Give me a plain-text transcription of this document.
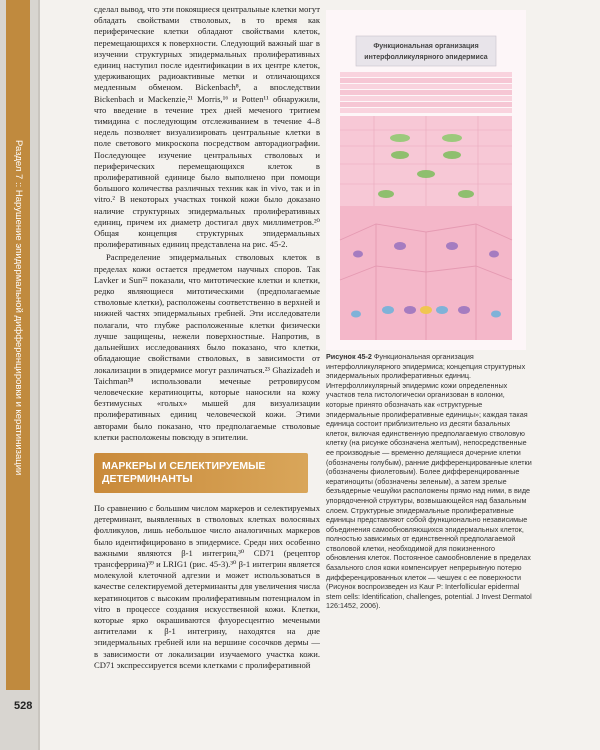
Раздел 7 :: Нарушение эпидермальной дифференцировки и кератинизации
528

сделал вывод, что эти покоящиеся центральные клетки могут обладать свойствами стволовых, в то время как периферические клетки обладают свойствами клеток, перемещающихся к поверхности. Следующий важный шаг в изучении структурных эпидермальных пролиферативных единиц наступил после идентификации в их центре клеток, удерживающих радиоактивные метки и отличающихся медленным обменом. Bickenbach⁸, а впоследствии Bickenbach и Mackenzie,²¹ Morris,¹⁶ и Potten¹¹ обнаружили, что введение в течение трех дней меченого тритием тимидина с последующим отслеживанием в течение 4–8 недель позволяет визуализировать центральные клетки в поле светового микроскопа посредством авторадиографии. Последующее изучение центральных стволовых и периферических перемещающихся клеток в пролиферативной единице было выполнено при помощи большого количества различных техник как in vivo, так и in vitro.² В некоторых участках тонкой кожи было доказано наличие структурных эпидермальных пролиферативных единиц, причем их диаметр достигал двух миллиметров.²⁰ Общая концепция структурных эпидермальных пролиферативных единиц представлена на рис. 45-2.

Распределение эпидермальных стволовых клеток в пределах кожи остается предметом научных споров. Так Lavker и Sun²² показали, что митотические клетки и клетки, редко являющиеся митотическими (предполагаемые стволовые клетки), расположены соответственно в верхней и нижней частях эпидермальных гребней. Эти исследователи полагали, что глубже расположенные клетки физически лучше защищены, нежели поверхностные. Напротив, в дальнейших исследованиях было показано, что клетки, обладающие свойствами стволовых, в зависимости от локализации в эпидермисе могут различаться.²³ Ghazizadeh и Taichman²⁸ использовали меченые ретровирусом человеческие кератиноциты, которые наносили на кожу безтимусных «голых» мышей для визуализации пролиферативных единиц человеческой кожи. Этими авторами было показано, что предполагаемые стволовые клетки расположены повсюду в эпителии.

МАРКЕРЫ И СЕЛЕКТИРУЕМЫЕ ДЕТЕРМИНАНТЫ

По сравнению с большим числом маркеров и селектируемых детерминант, выявленных в стволовых клетках волосяных фолликулов, лишь небольшое число аналогичных маркеров было идентифицировано в эпидермисе. Средн них особенно важными являются β-1 интегрин,³⁰ CD71 (рецептор трансферрина)³⁹ и LRIG1 (рис. 45-3).³⁰ β-1 интегрин является молекулой клеточной адгезии и может использоваться в качестве селектируемой детерминанты для увеличения числа кератиноцитов с высоким пролиферативным потенциалом in vitro в процессе создания искусственной кожи. Клетки, которые ярко окрашиваются флуоресцентно мечеными антителами к β-1 интегрину, находятся на дне эпидермальных гребней или на вершине сосочков дермы — в зависимости от локализации изучаемого участка кожи. CD71 экспрессируется всеми клетками с пролиферативной

Функциональная организация
интерфолликулярного эпидермиса
Рисунок 45-2 Функциональная организация интерфолликулярного эпидермиса; концепция структурных эпидермальных пролиферативных единиц. Интерфолликулярный эпидермис кожи определенных участков тела гистологически организован в колонки, которые принято обозначать как «структурные эпидермальные пролиферативные единицы»; каждая такая единица состоит приблизительно из десяти базальных клеток, включая единственную предполагаемую стволовую клетку (на рисунке обозначена желтым), непосредственные ее производные — временно делящиеся дочерние клетки (обозначены голубым), ранние дифференцированные клетки (обозначены фиолетовым). Более дифференцированные кератиноциты (обозначены зеленым), а затем зрелые безъядерные чешуйки расположены прямо над ними, в виде упорядоченной структуры, возвышающейся над базальным слоем. Структурные эпидермальные пролиферативные единицы представляют собой функционально независимые объединения самообновляющихся эпидермальных клеток, полностью зависимых от единственной предполагаемой стволовой клетки, необходимой для пожизненного обновления клеток. Постоянное самообновление в пределах базального слоя кожи компенсирует непрерывную потерю дифференцированных клеток — чешуек с ее поверхности (Рисунок воспроизведен из Kaur P: Interfollicular epidermal stem cells: Identification, challenges, potential. J Invest Dermatol 126:1452, 2006).
